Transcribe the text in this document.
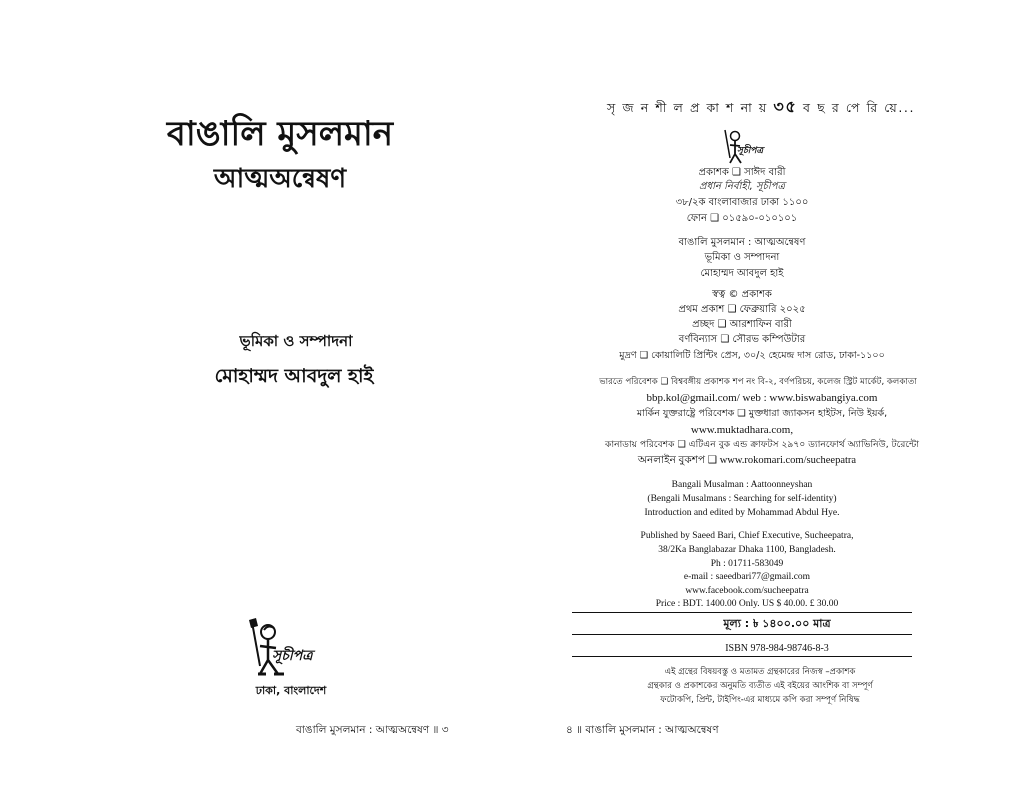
বাঙালি মুসলমান
আত্মঅন্বেষণ
ভূমিকা ও সম্পাদনা
মোহাম্মদ আবদুল হাই
সূচীপত্র
ঢাকা, বাংলাদেশ
বাঙালি মুসলমান : আত্মঅন্বেষণ ॥ ৩
সৃ জ ন শী ল প্র কা শ না য় ৩৫ ব ছ র পে রি য়ে...
সূচীপত্র
প্রকাশক ❑ সাঈদ বারী
প্রধান নির্বাহী, সূচীপত্র
৩৮/২ক বাংলাবাজার ঢাকা ১১০০
ফোন ❑ ০১৫৯০-০১০১০১
বাঙালি মুসলমান : আত্মঅন্বেষণ
ভূমিকা ও সম্পাদনা
মোহাম্মদ আবদুল হাই
স্বত্ব © প্রকাশক
প্রথম প্রকাশ ❑ ফেব্রুয়ারি ২০২৫
প্রচ্ছদ ❑ আরশাফিন বারী
বর্ণবিন্যাস ❑ সৌরভ কম্পিউটার
মুদ্রণ ❑ কোয়ালিটি প্রিন্টিং প্রেস, ৩০/২ হেমেন্দ্র দাস রোড, ঢাকা-১১০০
ভারতে পরিবেশক ❑ বিশ্ববঙ্গীয় প্রকাশক শপ নং বি-২, বর্ণপরিচয়, কলেজ স্ট্রিট মার্কেট, কলকাতা
bbp.kol@gmail.com/ web : www.biswabangiya.com
মার্কিন যুক্তরাষ্ট্রে পরিবেশক ❑ মুক্তধারা জ্যাকসন হাইটস, নিউ ইয়র্ক,
www.muktadhara.com,
কানাডায় পরিবেশক ❑ এটিএন বুক এন্ড ক্রাফটস ২৯৭০ ড্যানফোর্থ অ্যাভিনিউ, টরেন্টো
অনলাইন বুকশপ ❑ www.rokomari.com/sucheepatra
Bangali Musalman : Aattoonneyshan
(Bengali Musalmans : Searching for self-identity)
Introduction and edited by Mohammad Abdul Hye.
Published by Saeed Bari, Chief Executive, Sucheepatra,
38/2Ka Banglabazar Dhaka 1100, Bangladesh.
Ph : 01711-583049
e-mail : saeedbari77@gmail.com
www.facebook.com/sucheepatra
Price : BDT. 1400.00 Only. US $ 40.00. £ 30.00
মূল্য : ৳ ১৪০০.০০ মাত্র
ISBN 978-984-98746-8-3
এই গ্রন্থের বিষয়বস্তু ও মতামত গ্রন্থকারের নিজস্ব –প্রকাশক
গ্রন্থকার ও প্রকাশকের অনুমতি ব্যতীত এই বইয়ের আংশিক বা সম্পূর্ণ
ফটোকপি, প্রিন্ট, টাইপিং-এর মাধ্যমে কপি করা সম্পূর্ণ নিষিদ্ধ
৪ ॥ বাঙালি মুসলমান : আত্মঅন্বেষণ
